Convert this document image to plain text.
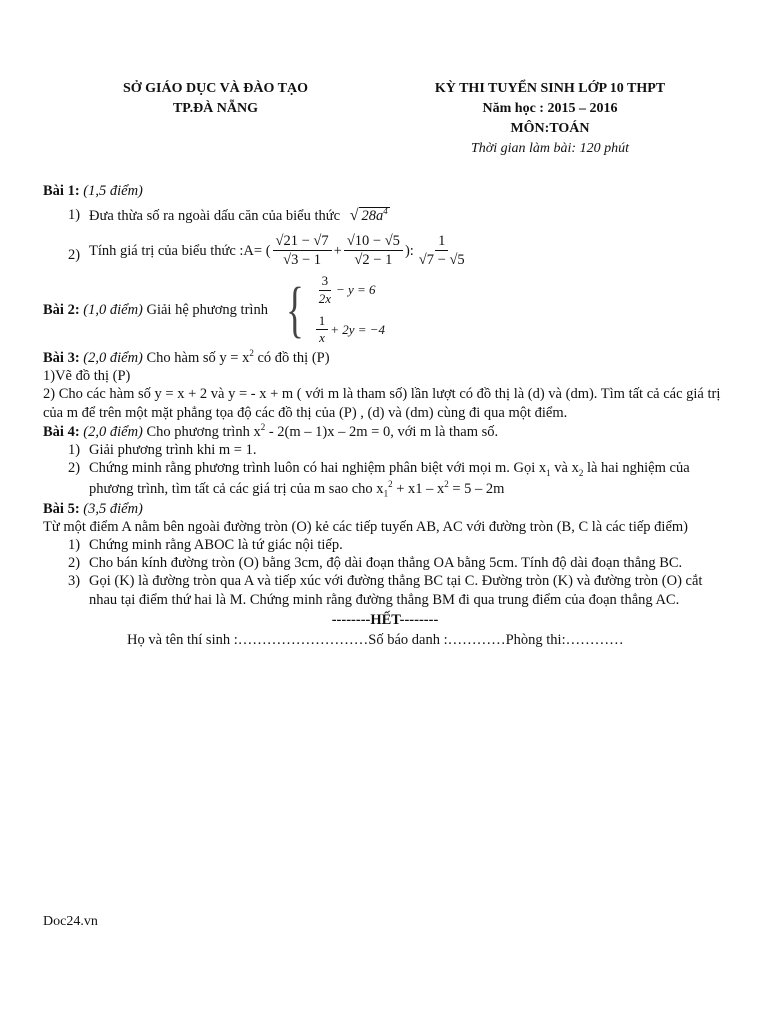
SỞ GIÁO DỤC VÀ ĐÀO TẠO
TP.ĐÀ NẴNG
KỲ THI TUYỂN SINH LỚP 10 THPT
Năm học : 2015 – 2016
MÔN:TOÁN
Thời gian làm bài: 120 phút
Bài 1: (1,5 điểm)
1) Đưa thừa số ra ngoài dấu căn của biểu thức √ $28a^4$
2) Tính giá trị của biểu thức :A= ( $\frac{√21 - √7}{√3 - 1} + \frac{√10 - √5}{√2 - 1}$ ): $\frac{1}{√7 - √5}$
Bài 2:
(1,0 điểm)
Giải hệ phương trình { $\frac{3}{2x} - y = 6$
$\frac{1}{x} + 2y = -4$
Bài 3: (2,0 điểm) Cho hàm số $y = x^2$ có đồ thị (P)
1)Vẽ đồ thị (P)
2) Cho các hàm số y = x + 2 và y = - x + m ( với m là tham số) lần lượt có đồ thị là (d) và (dm). Tìm tất cả các giá trị của m để trên một mặt phẳng tọa độ các đồ thị của (P) , (d) và (dm) cùng đi qua một điểm.
Bài 4: (2,0 điểm) Cho phương trình $x^2 - 2(m - 1)x - 2m = 0$, với m là tham số.
1) Giải phương trình khi m = 1.
2) Chứng minh rằng phương trình luôn có hai nghiệm phân biệt với mọi m. Gọi $x_1$ và $x_2$ là hai nghiệm của phương trình, tìm tất cả các giá trị của m sao cho $x_1^2 + x1 - x^2 = 5 - 2m$
Bài 5: (3,5 điểm)
Từ một điểm A nằm bên ngoài đường tròn (O) kẻ các tiếp tuyến AB, AC với đường tròn (B, C là các tiếp điểm)
1) Chứng minh rằng ABOC là tứ giác nội tiếp.
2) Cho bán kính đường tròn (O) bằng 3cm, độ dài đoạn thẳng OA bằng 5cm. Tính độ dài đoạn thẳng BC.
3) Gọi (K) là đường tròn qua A và tiếp xúc với đường thẳng BC tại C. Đường tròn (K) và đường tròn (O) cắt nhau tại điểm thứ hai là M. Chứng minh rằng đường thẳng BM đi qua trung điểm của đoạn thẳng AC.
--------HẾT--------
Họ và tên thí sinh :………………………Số báo danh :…………Phòng thi:…………
Doc24.vn
